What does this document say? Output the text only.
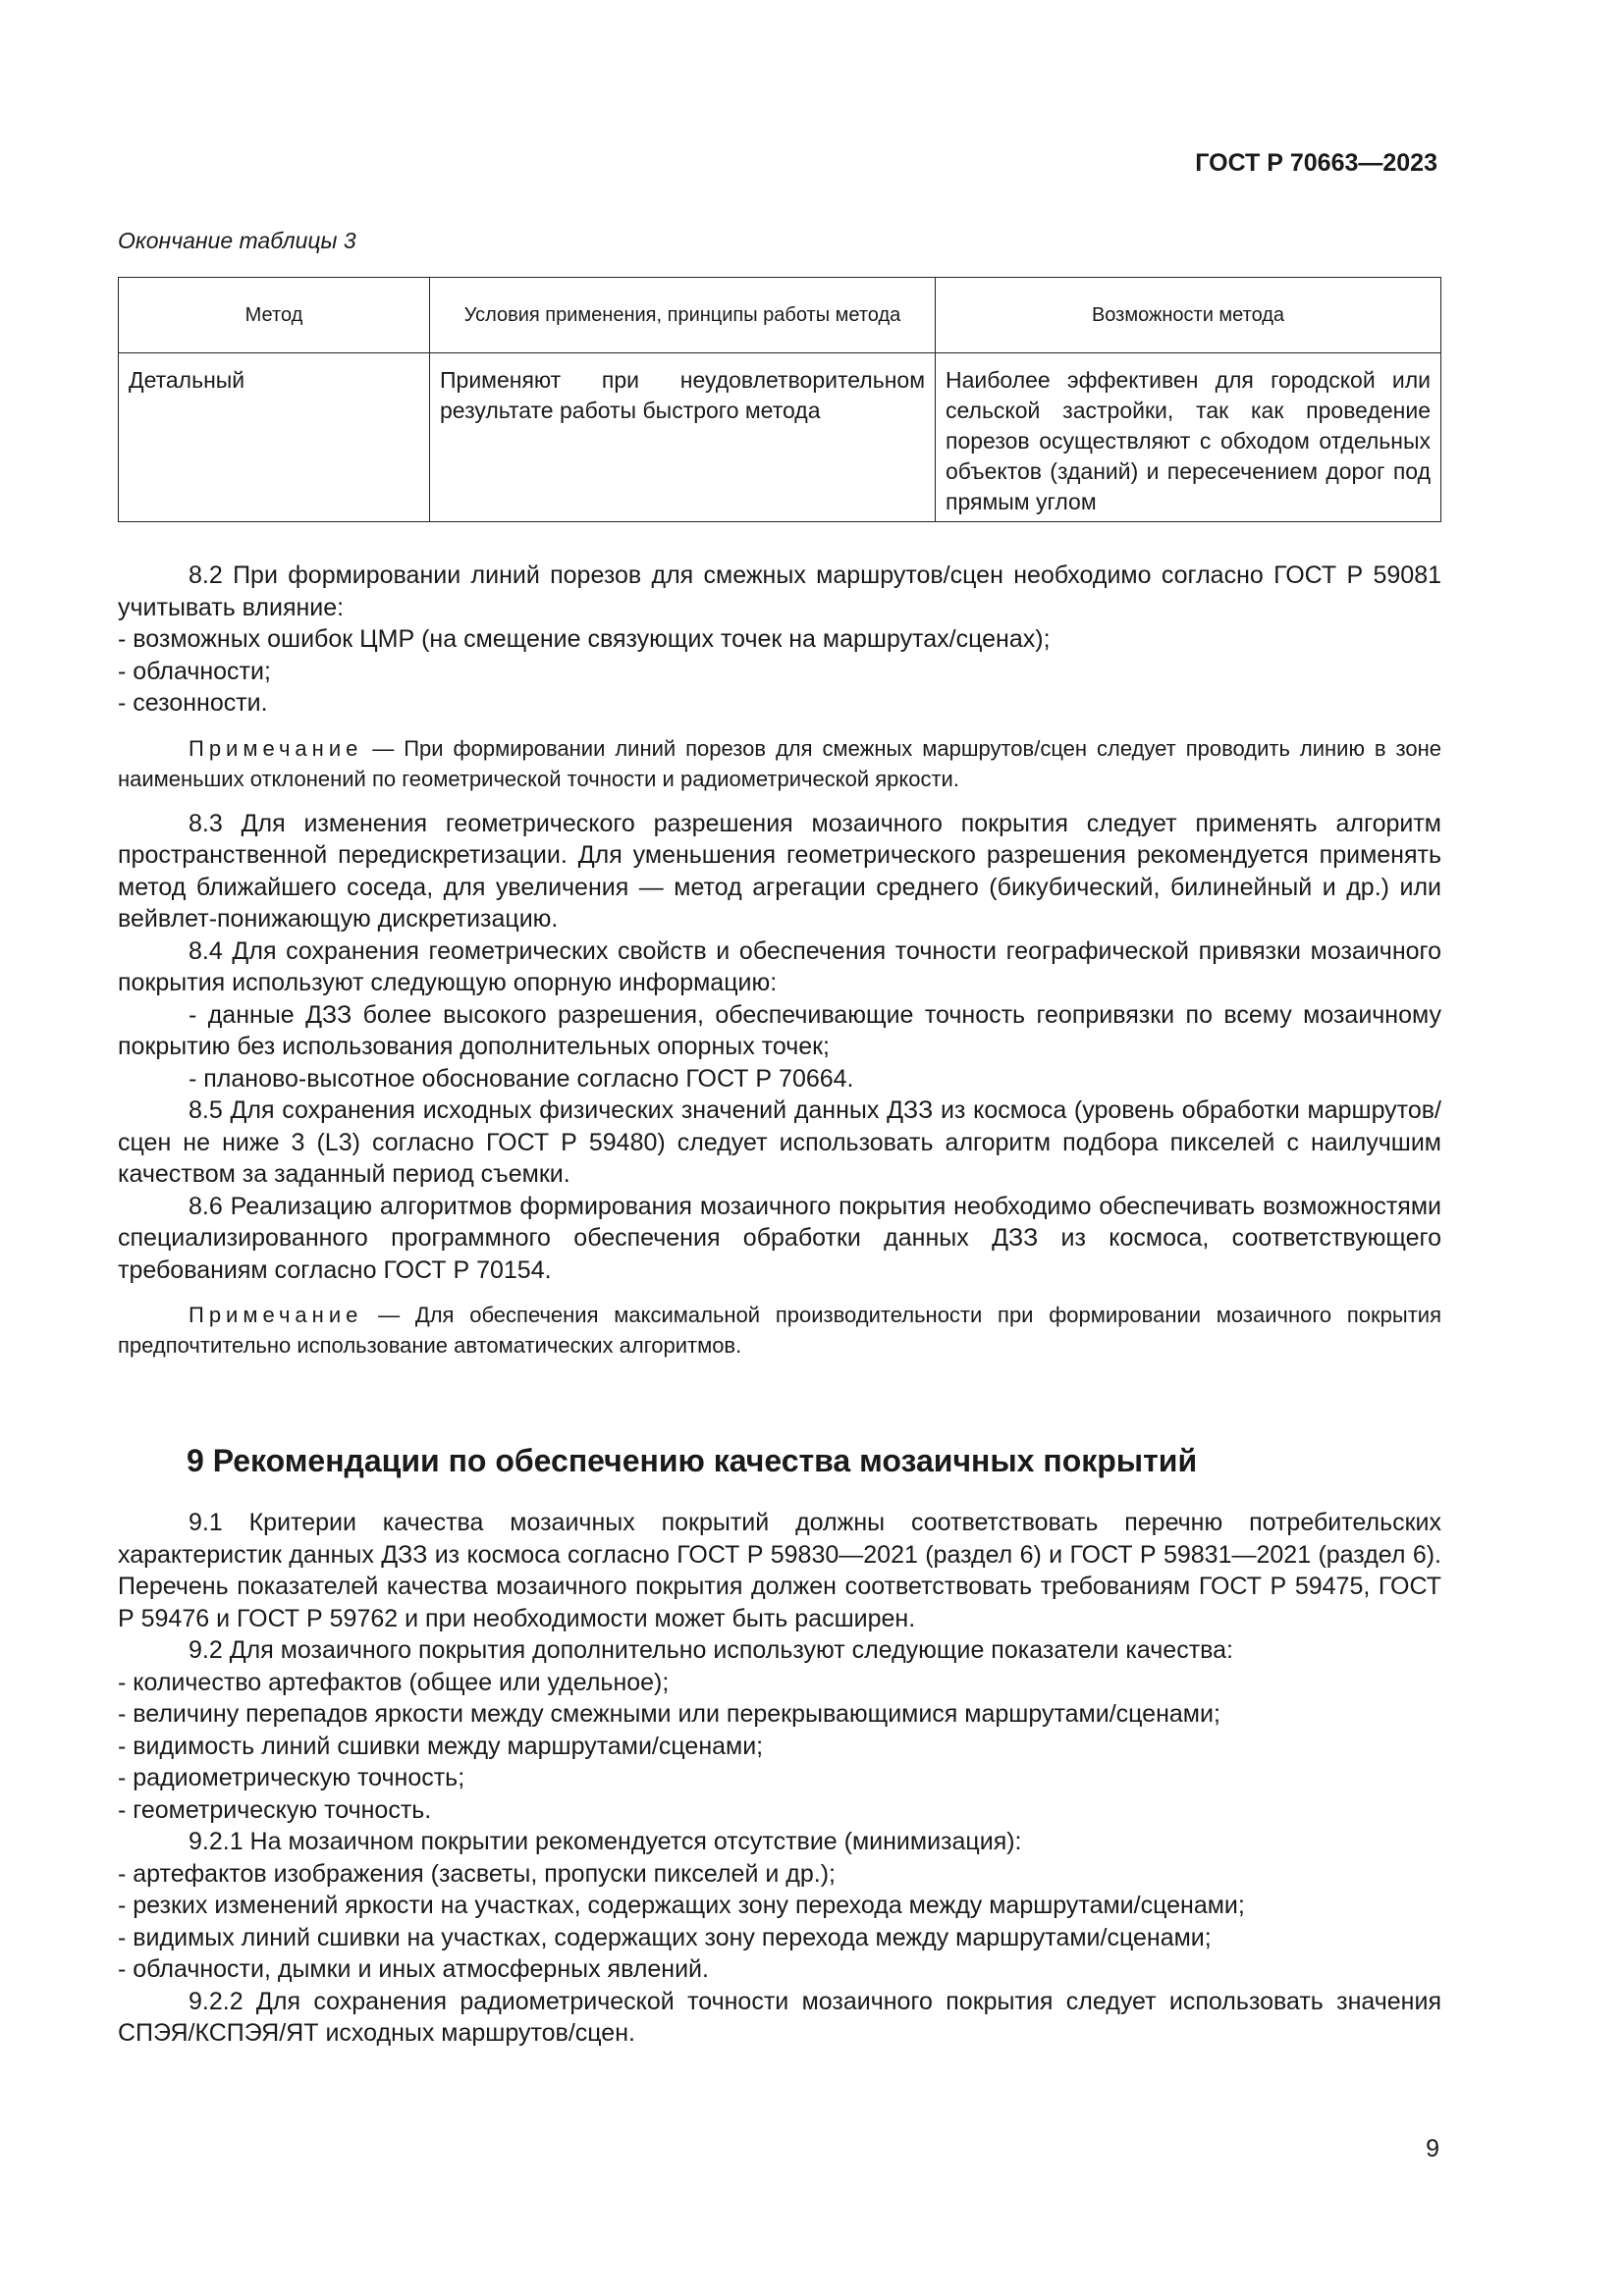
ГОСТ Р 70663—2023
Окончание таблицы 3
Метод	Условия применения, принципы работы метода	Возможности метода
Детальный	Применяют при неудовлетворительном результате работы быстрого метода	Наиболее эффективен для городской или сельской застройки, так как проведение порезов осуществляют с обходом отдельных объектов (зданий) и пересечением дорог под прямым углом

8.2 При формировании линий порезов для смежных маршрутов/сцен необходимо согласно ГОСТ Р 59081 учитывать влияние:

- возможных ошибок ЦМР (на смещение связующих точек на маршрутах/сценах);

- облачности;

- сезонности.

Примечание — При формировании линий порезов для смежных маршрутов/сцен следует проводить линию в зоне наименьших отклонений по геометрической точности и радиометрической яркости.

8.3 Для изменения геометрического разрешения мозаичного покрытия следует применять алгоритм пространственной передискретизации. Для уменьшения геометрического разрешения рекомендуется применять метод ближайшего соседа, для увеличения — метод агрегации среднего (бикубический, билинейный и др.) или вейвлет-понижающую дискретизацию.

8.4 Для сохранения геометрических свойств и обеспечения точности географической привязки мозаичного покрытия используют следующую опорную информацию:

- данные ДЗЗ более высокого разрешения, обеспечивающие точность геопривязки по всему мозаичному покрытию без использования дополнительных опорных точек;

- планово-высотное обоснование согласно ГОСТ Р 70664.

8.5 Для сохранения исходных физических значений данных ДЗЗ из космоса (уровень обработки маршрутов/сцен не ниже 3 (L3) согласно ГОСТ Р 59480) следует использовать алгоритм подбора пикселей с наилучшим качеством за заданный период съемки.

8.6 Реализацию алгоритмов формирования мозаичного покрытия необходимо обеспечивать возможностями специализированного программного обеспечения обработки данных ДЗЗ из космоса, соответствующего требованиям согласно ГОСТ Р 70154.

Примечание — Для обеспечения максимальной производительности при формировании мозаичного покрытия предпочтительно использование автоматических алгоритмов.

9 Рекомендации по обеспечению качества мозаичных покрытий

9.1 Критерии качества мозаичных покрытий должны соответствовать перечню потребительских характеристик данных ДЗЗ из космоса согласно ГОСТ Р 59830—2021 (раздел 6) и ГОСТ Р 59831—2021 (раздел 6). Перечень показателей качества мозаичного покрытия должен соответствовать требованиям ГОСТ Р 59475, ГОСТ Р 59476 и ГОСТ Р 59762 и при необходимости может быть расширен.

9.2 Для мозаичного покрытия дополнительно используют следующие показатели качества:

- количество артефактов (общее или удельное);

- величину перепадов яркости между смежными или перекрывающимися маршрутами/сценами;

- видимость линий сшивки между маршрутами/сценами;

- радиометрическую точность;

- геометрическую точность.

9.2.1 На мозаичном покрытии рекомендуется отсутствие (минимизация):

- артефактов изображения (засветы, пропуски пикселей и др.);

- резких изменений яркости на участках, содержащих зону перехода между маршрутами/сценами;

- видимых линий сшивки на участках, содержащих зону перехода между маршрутами/сценами;

- облачности, дымки и иных атмосферных явлений.

9.2.2 Для сохранения радиометрической точности мозаичного покрытия следует использовать значения СПЭЯ/КСПЭЯ/ЯТ исходных маршрутов/сцен.

9
